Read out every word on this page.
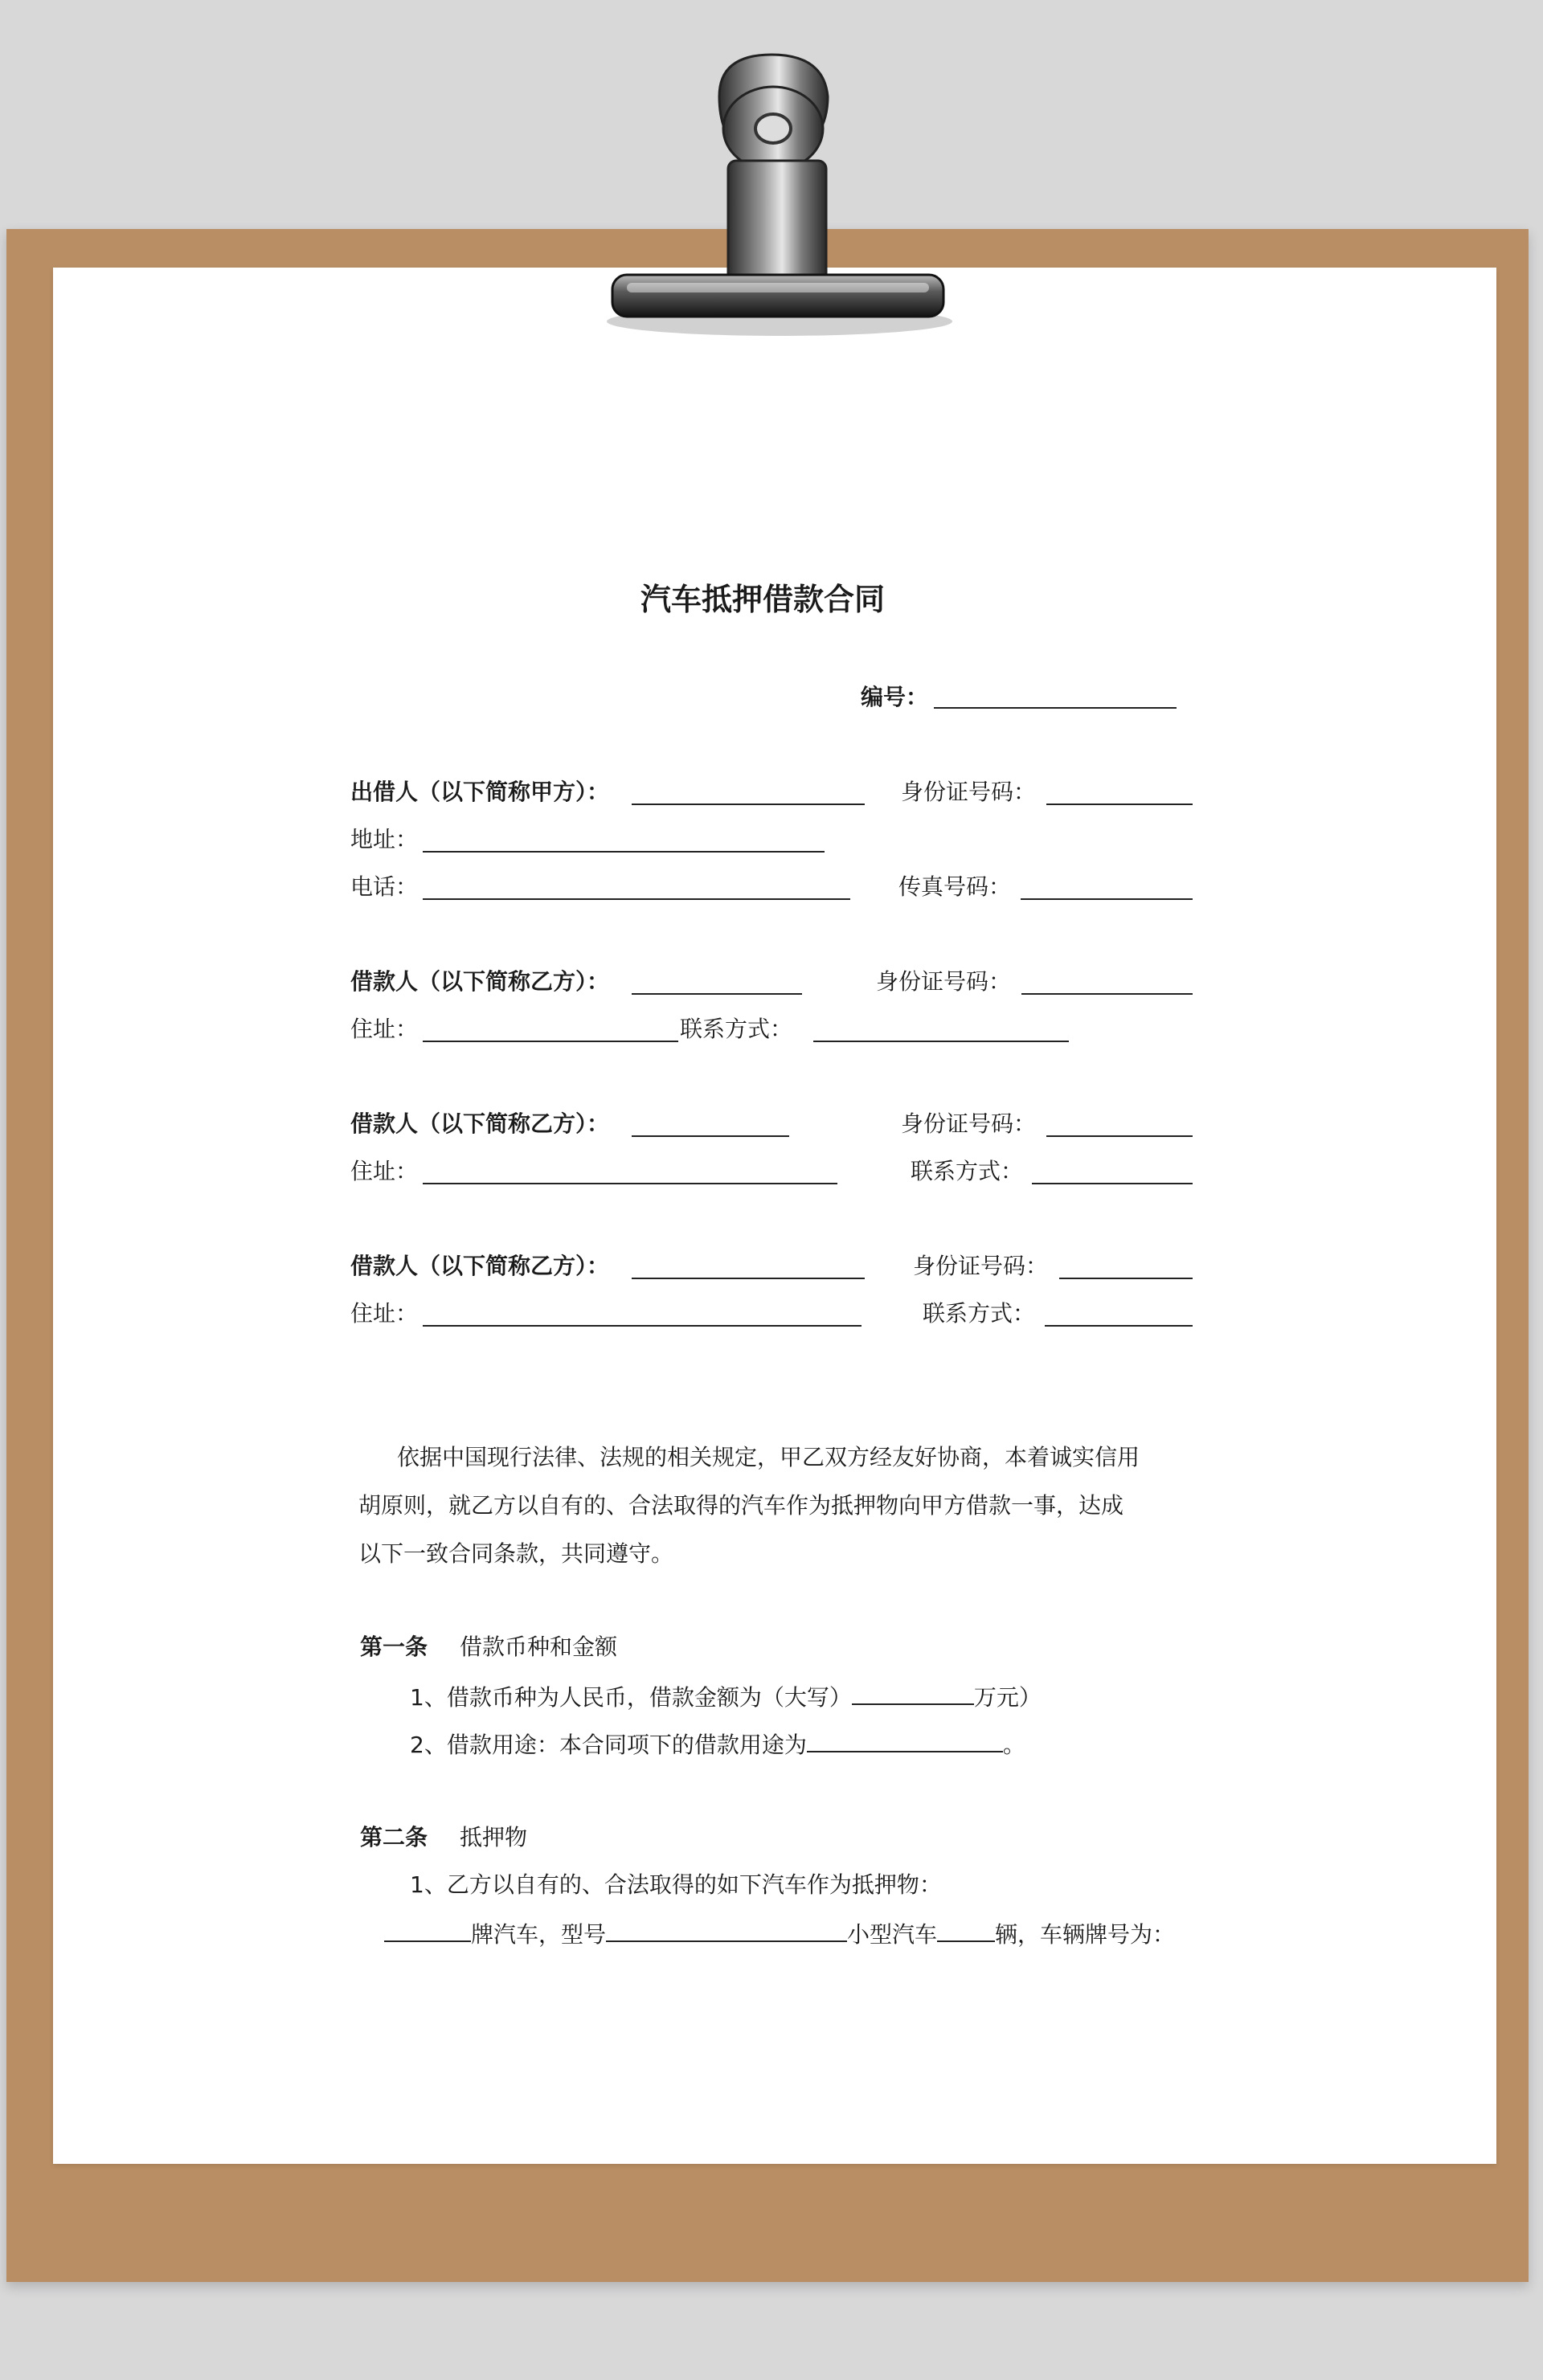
汽车抵押借款合同
编号：
出借人（以下简称甲方）：	身份证号码：
地址：
电话：	传真号码：
借款人（以下简称乙方）：	身份证号码：
住址：	联系方式：
借款人（以下简称乙方）：	身份证号码：
住址：	联系方式：
借款人（以下简称乙方）：	身份证号码：
住址：	联系方式：
依据中国现行法律、法规的相关规定，甲乙双方经友好协商，本着诚实信用
胡原则，就乙方以自有的、合法取得的汽车作为抵押物向甲方借款一事，达成
以下一致合同条款，共同遵守。
第一条 借款币种和金额
1、借款币种为人民币，借款金额为（大写）	万元）
2、借款用途：本合同项下的借款用途为	。
第二条 抵押物
1、乙方以自有的、合法取得的如下汽车作为抵押物：
牌汽车，型号	小型汽车	辆，车辆牌号为：
